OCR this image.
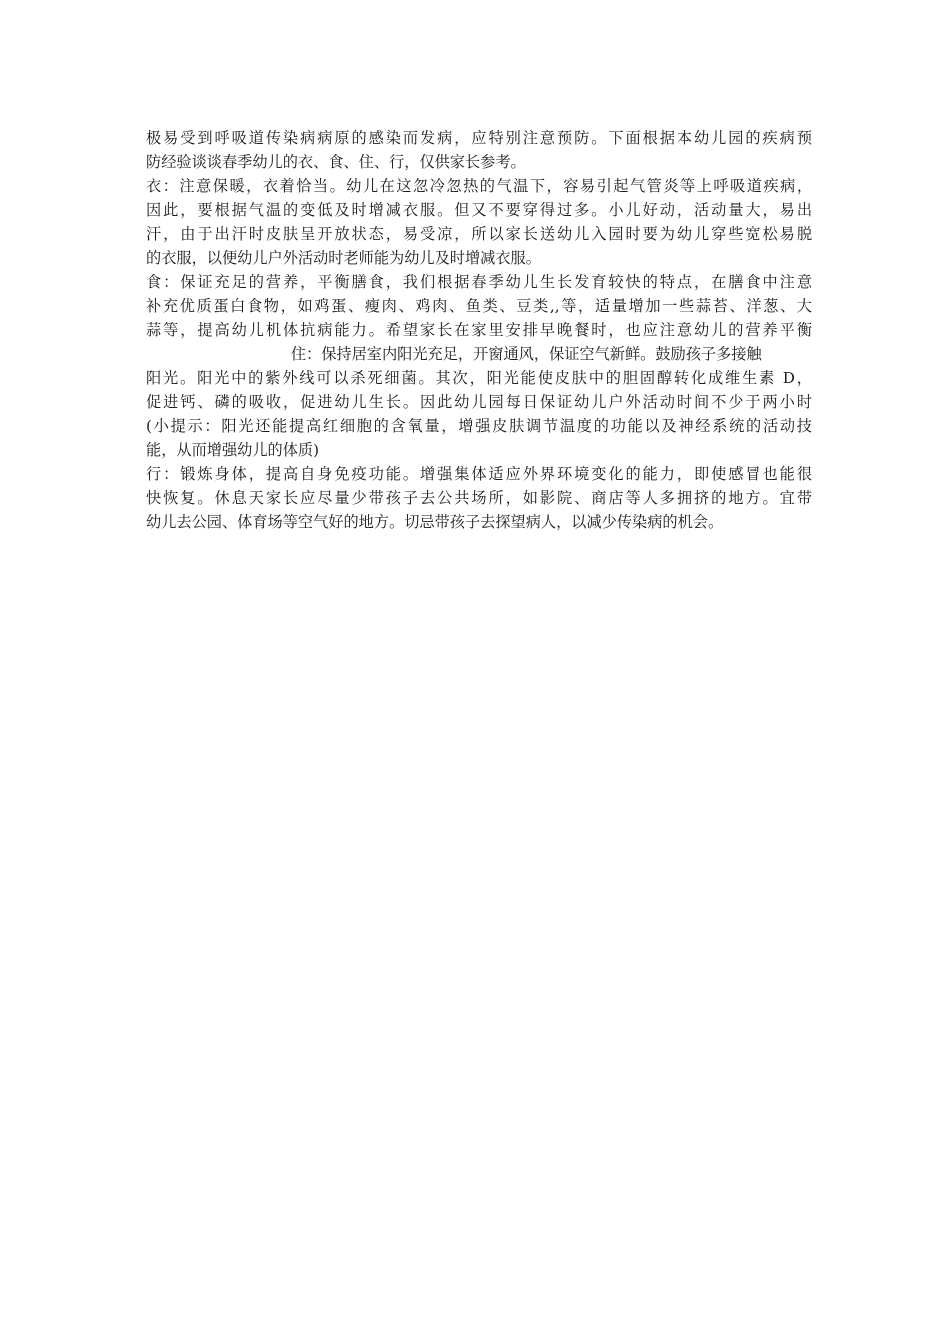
极易受到呼吸道传染病病原的感染而发病，应特别注意预防。下面根据本幼儿园的疾病预
防经验谈谈春季幼儿的衣、食、住、行，仅供家长参考。
衣：注意保暖，衣着恰当。幼儿在这忽冷忽热的气温下，容易引起气管炎等上呼吸道疾病，
因此，要根据气温的变低及时增减衣服。但又不要穿得过多。小儿好动，活动量大，易出
汗，由于出汗时皮肤呈开放状态，易受凉，所以家长送幼儿入园时要为幼儿穿些宽松易脱
的衣服，以便幼儿户外活动时老师能为幼儿及时增减衣服。
食：保证充足的营养，平衡膳食，我们根据春季幼儿生长发育较快的特点，在膳食中注意
补充优质蛋白食物，如鸡蛋、瘦肉、鸡肉、鱼类、豆类,,等，适量增加一些蒜苔、洋葱、大
蒜等，提高幼儿机体抗病能力。希望家长在家里安排早晚餐时，也应注意幼儿的营养平衡
住：保持居室内阳光充足，开窗通风，保证空气新鲜。鼓励孩子多接触
阳光。阳光中的紫外线可以杀死细菌。其次，阳光能使皮肤中的胆固醇转化成维生素 D，
促进钙、磷的吸收，促进幼儿生长。因此幼儿园每日保证幼儿户外活动时间不少于两小时
(小提示：阳光还能提高红细胞的含氧量，增强皮肤调节温度的功能以及神经系统的活动技
能，从而增强幼儿的体质)
行：锻炼身体，提高自身免疫功能。增强集体适应外界环境变化的能力，即使感冒也能很
快恢复。休息天家长应尽量少带孩子去公共场所，如影院、商店等人多拥挤的地方。宜带
幼儿去公园、体育场等空气好的地方。切忌带孩子去探望病人，以减少传染病的机会。
